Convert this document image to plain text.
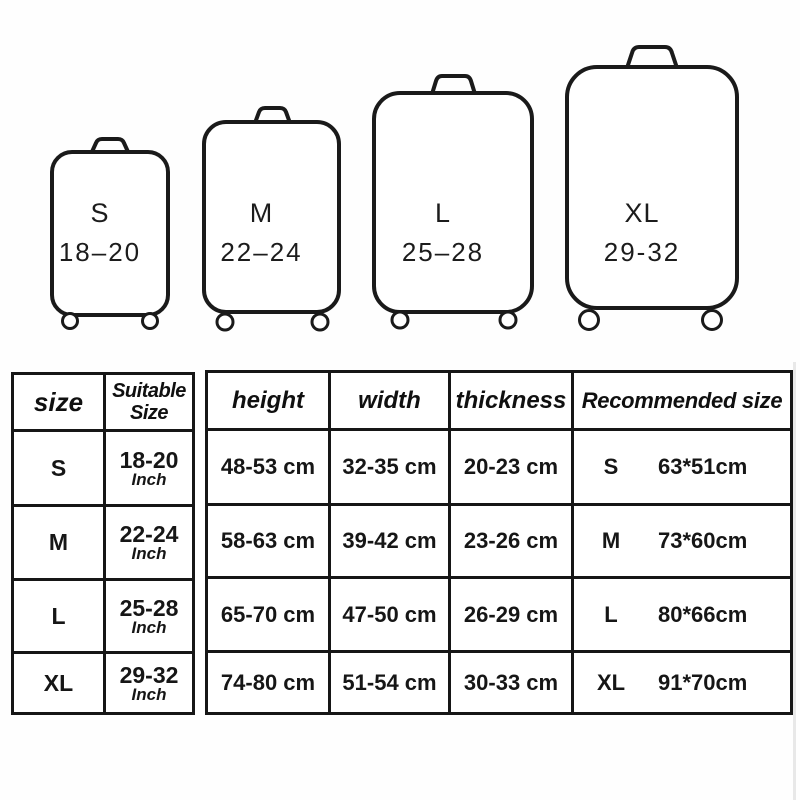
S
18–20
M
22–24
L
25–28
XL
29-32
size	Suitable Size
S	18-20
Inch

M	22-24
Inch

L	25-28
Inch

XL	29-32
Inch
height	width	thickness	Recommended size
48-53 cm	32-35 cm	20-23 cm	S 63*51cm

58-63 cm	39-42 cm	23-26 cm	M 73*60cm

65-70 cm	47-50 cm	26-29 cm	L 80*66cm

74-80 cm	51-54 cm	30-33 cm	XL 91*70cm
